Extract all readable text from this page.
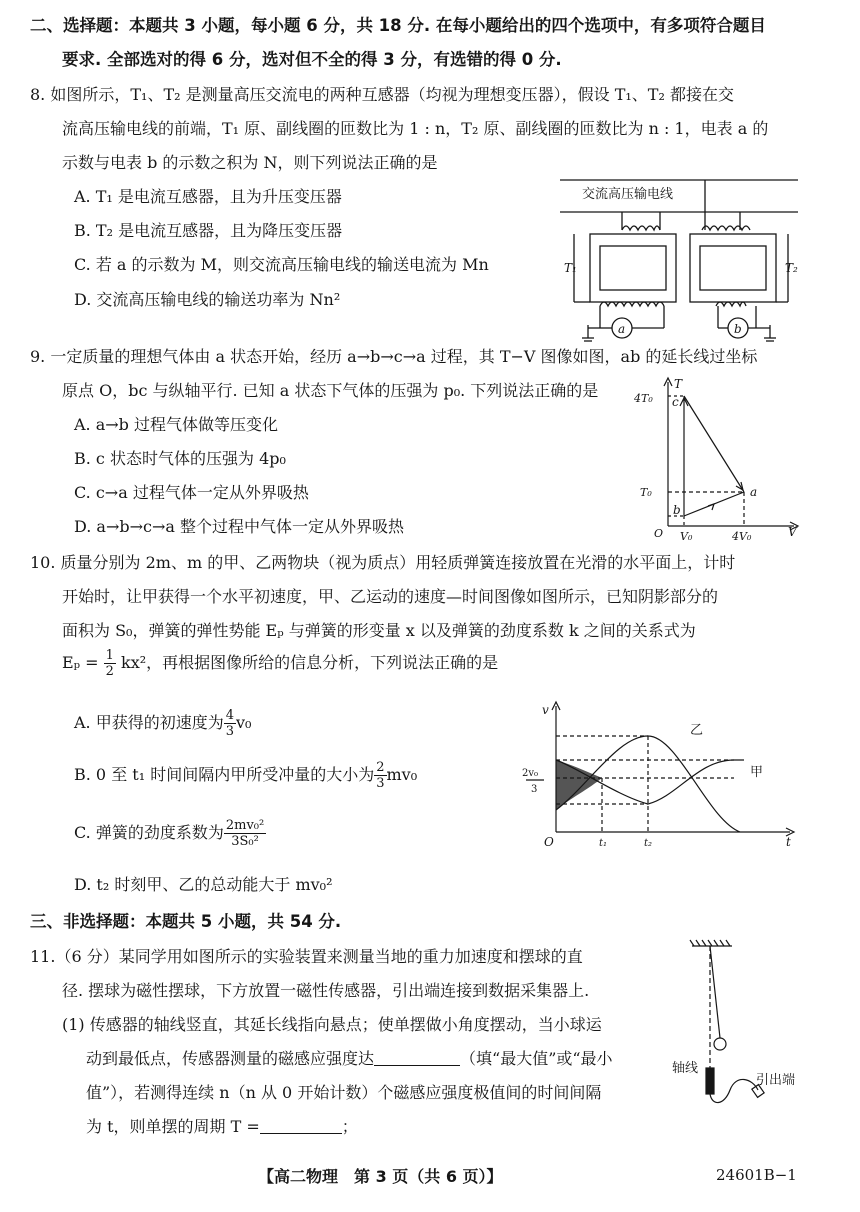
二、选择题：本题共 3 小题，每小题 6 分，共 18 分. 在每小题给出的四个选项中，有多项符合题目
要求. 全部选对的得 6 分，选对但不全的得 3 分，有选错的得 0 分.
8. 如图所示，T₁、T₂ 是测量高压交流电的两种互感器（均视为理想变压器），假设 T₁、T₂ 都接在交
流高压输电线的前端，T₁ 原、副线圈的匝数比为 1 : n，T₂ 原、副线圈的匝数比为 n : 1，电表 a 的
示数与电表 b 的示数之积为 N，则下列说法正确的是
A. T₁ 是电流互感器，且为升压变压器
B. T₂ 是电流互感器，且为降压变压器
C. 若 a 的示数为 M，则交流高压输电线的输送电流为 Mn
D. 交流高压输电线的输送功率为 Nn²
交流高压输电线
a
T₁
b
T₂
9. 一定质量的理想气体由 a 状态开始，经历 a→b→c→a 过程，其 T−V 图像如图，ab 的延长线过坐标
原点 O，bc 与纵轴平行. 已知 a 状态下气体的压强为 p₀. 下列说法正确的是
A. a→b 过程气体做等压变化
B. c 状态时气体的压强为 4p₀
C. c→a 过程气体一定从外界吸热
D. a→b→c→a 整个过程中气体一定从外界吸热
T
V
O
4T₀
T₀
V₀	4V₀
a
b
c
10. 质量分别为 2m、m 的甲、乙两物块（视为质点）用轻质弹簧连接放置在光滑的水平面上，计时
开始时，让甲获得一个水平初速度，甲、乙运动的速度—时间图像如图所示，已知阴影部分的
面积为 S₀，弹簧的弹性势能 Eₚ 与弹簧的形变量 x 以及弹簧的劲度系数 k 之间的关系式为
$E_p = \frac{1}{2} kx^2$，再根据图像所给的信息分析，下列说法正确的是
A. 甲获得的初速度为 $\frac{4}{3} v_0$
B. 0 至 t₁ 时间间隔内甲所受冲量的大小为 $\frac{2}{3} mv_0$
C. 弹簧的劲度系数为 $\frac{\text{2mv₀²}}{\text{3S₀²}}$
D. t₂ 时刻甲、乙的总动能大于 mv₀²
v
t
O
2v₀
3
t₁	t₂
乙
甲
三、非选择题：本题共 5 小题，共 54 分.
11.（6 分）某同学用如图所示的实验装置来测量当地的重力加速度和摆球的直
径. 摆球为磁性摆球，下方放置一磁性传感器，引出端连接到数据采集器上.
(1) 传感器的轴线竖直，其延长线指向悬点；使单摆做小角度摆动，当小球运
动到最低点，传感器测量的磁感应强度达	（填“最大值”或“最小
值”），若测得连续 n（n 从 0 开始计数）个磁感应强度极值间的时间间隔
为 t，则单摆的周期 T =	；
轴线
引出端
【高二物理　第 3 页（共 6 页）】	24601B−1
